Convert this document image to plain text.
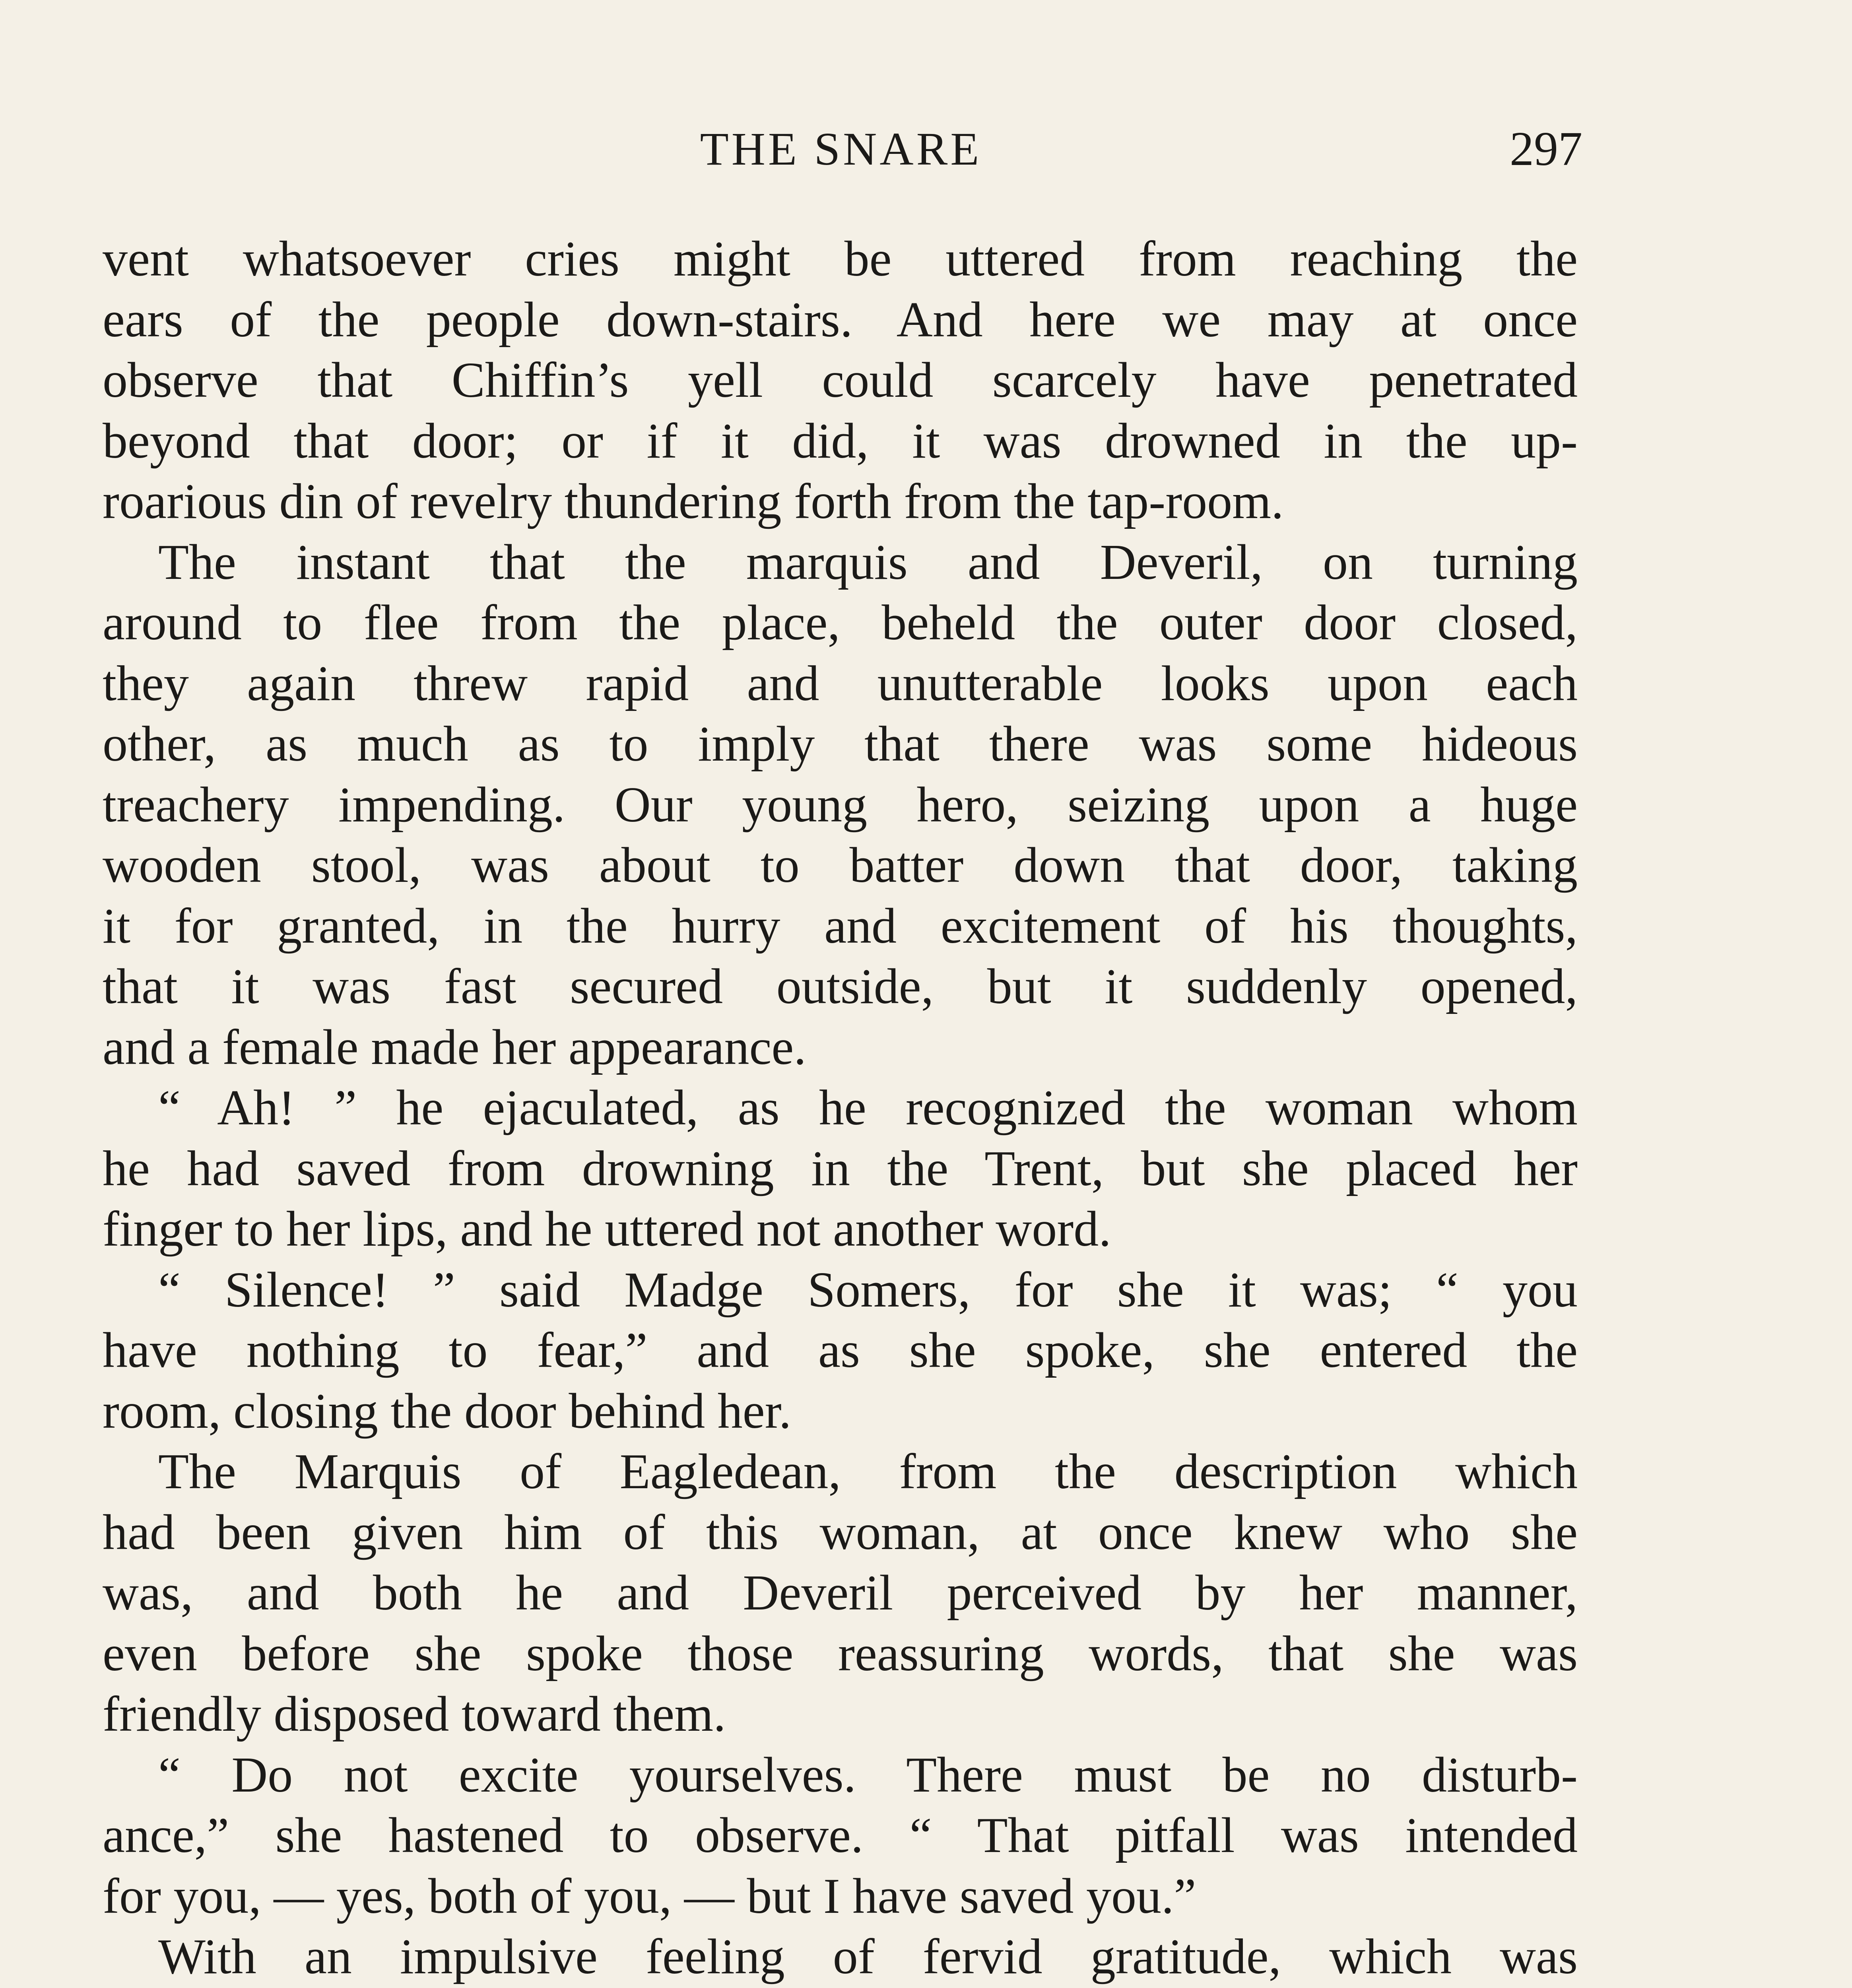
THE SNARE	297
vent whatsoever cries might be uttered from reaching the
ears of the people down-stairs. And here we may at once
observe that Chiffin’s yell could scarcely have penetrated
beyond that door; or if it did, it was drowned in the up-
roarious din of revelry thundering forth from the tap-room.
The instant that the marquis and Deveril, on turning
around to flee from the place, beheld the outer door closed,
they again threw rapid and unutterable looks upon each
other, as much as to imply that there was some hideous
treachery impending. Our young hero, seizing upon a huge
wooden stool, was about to batter down that door, taking
it for granted, in the hurry and excitement of his thoughts,
that it was fast secured outside, but it suddenly opened,
and a female made her appearance.
“ Ah! ” he ejaculated, as he recognized the woman whom
he had saved from drowning in the Trent, but she placed her
finger to her lips, and he uttered not another word.
“ Silence! ” said Madge Somers, for she it was; “ you
have nothing to fear,” and as she spoke, she entered the
room, closing the door behind her.
The Marquis of Eagledean, from the description which
had been given him of this woman, at once knew who she
was, and both he and Deveril perceived by her manner,
even before she spoke those reassuring words, that she was
friendly disposed toward them.
“ Do not excite yourselves. There must be no disturb-
ance,” she hastened to observe. “ That pitfall was intended
for you, — yes, both of you, — but I have saved you.”
With an impulsive feeling of fervid gratitude, which was
